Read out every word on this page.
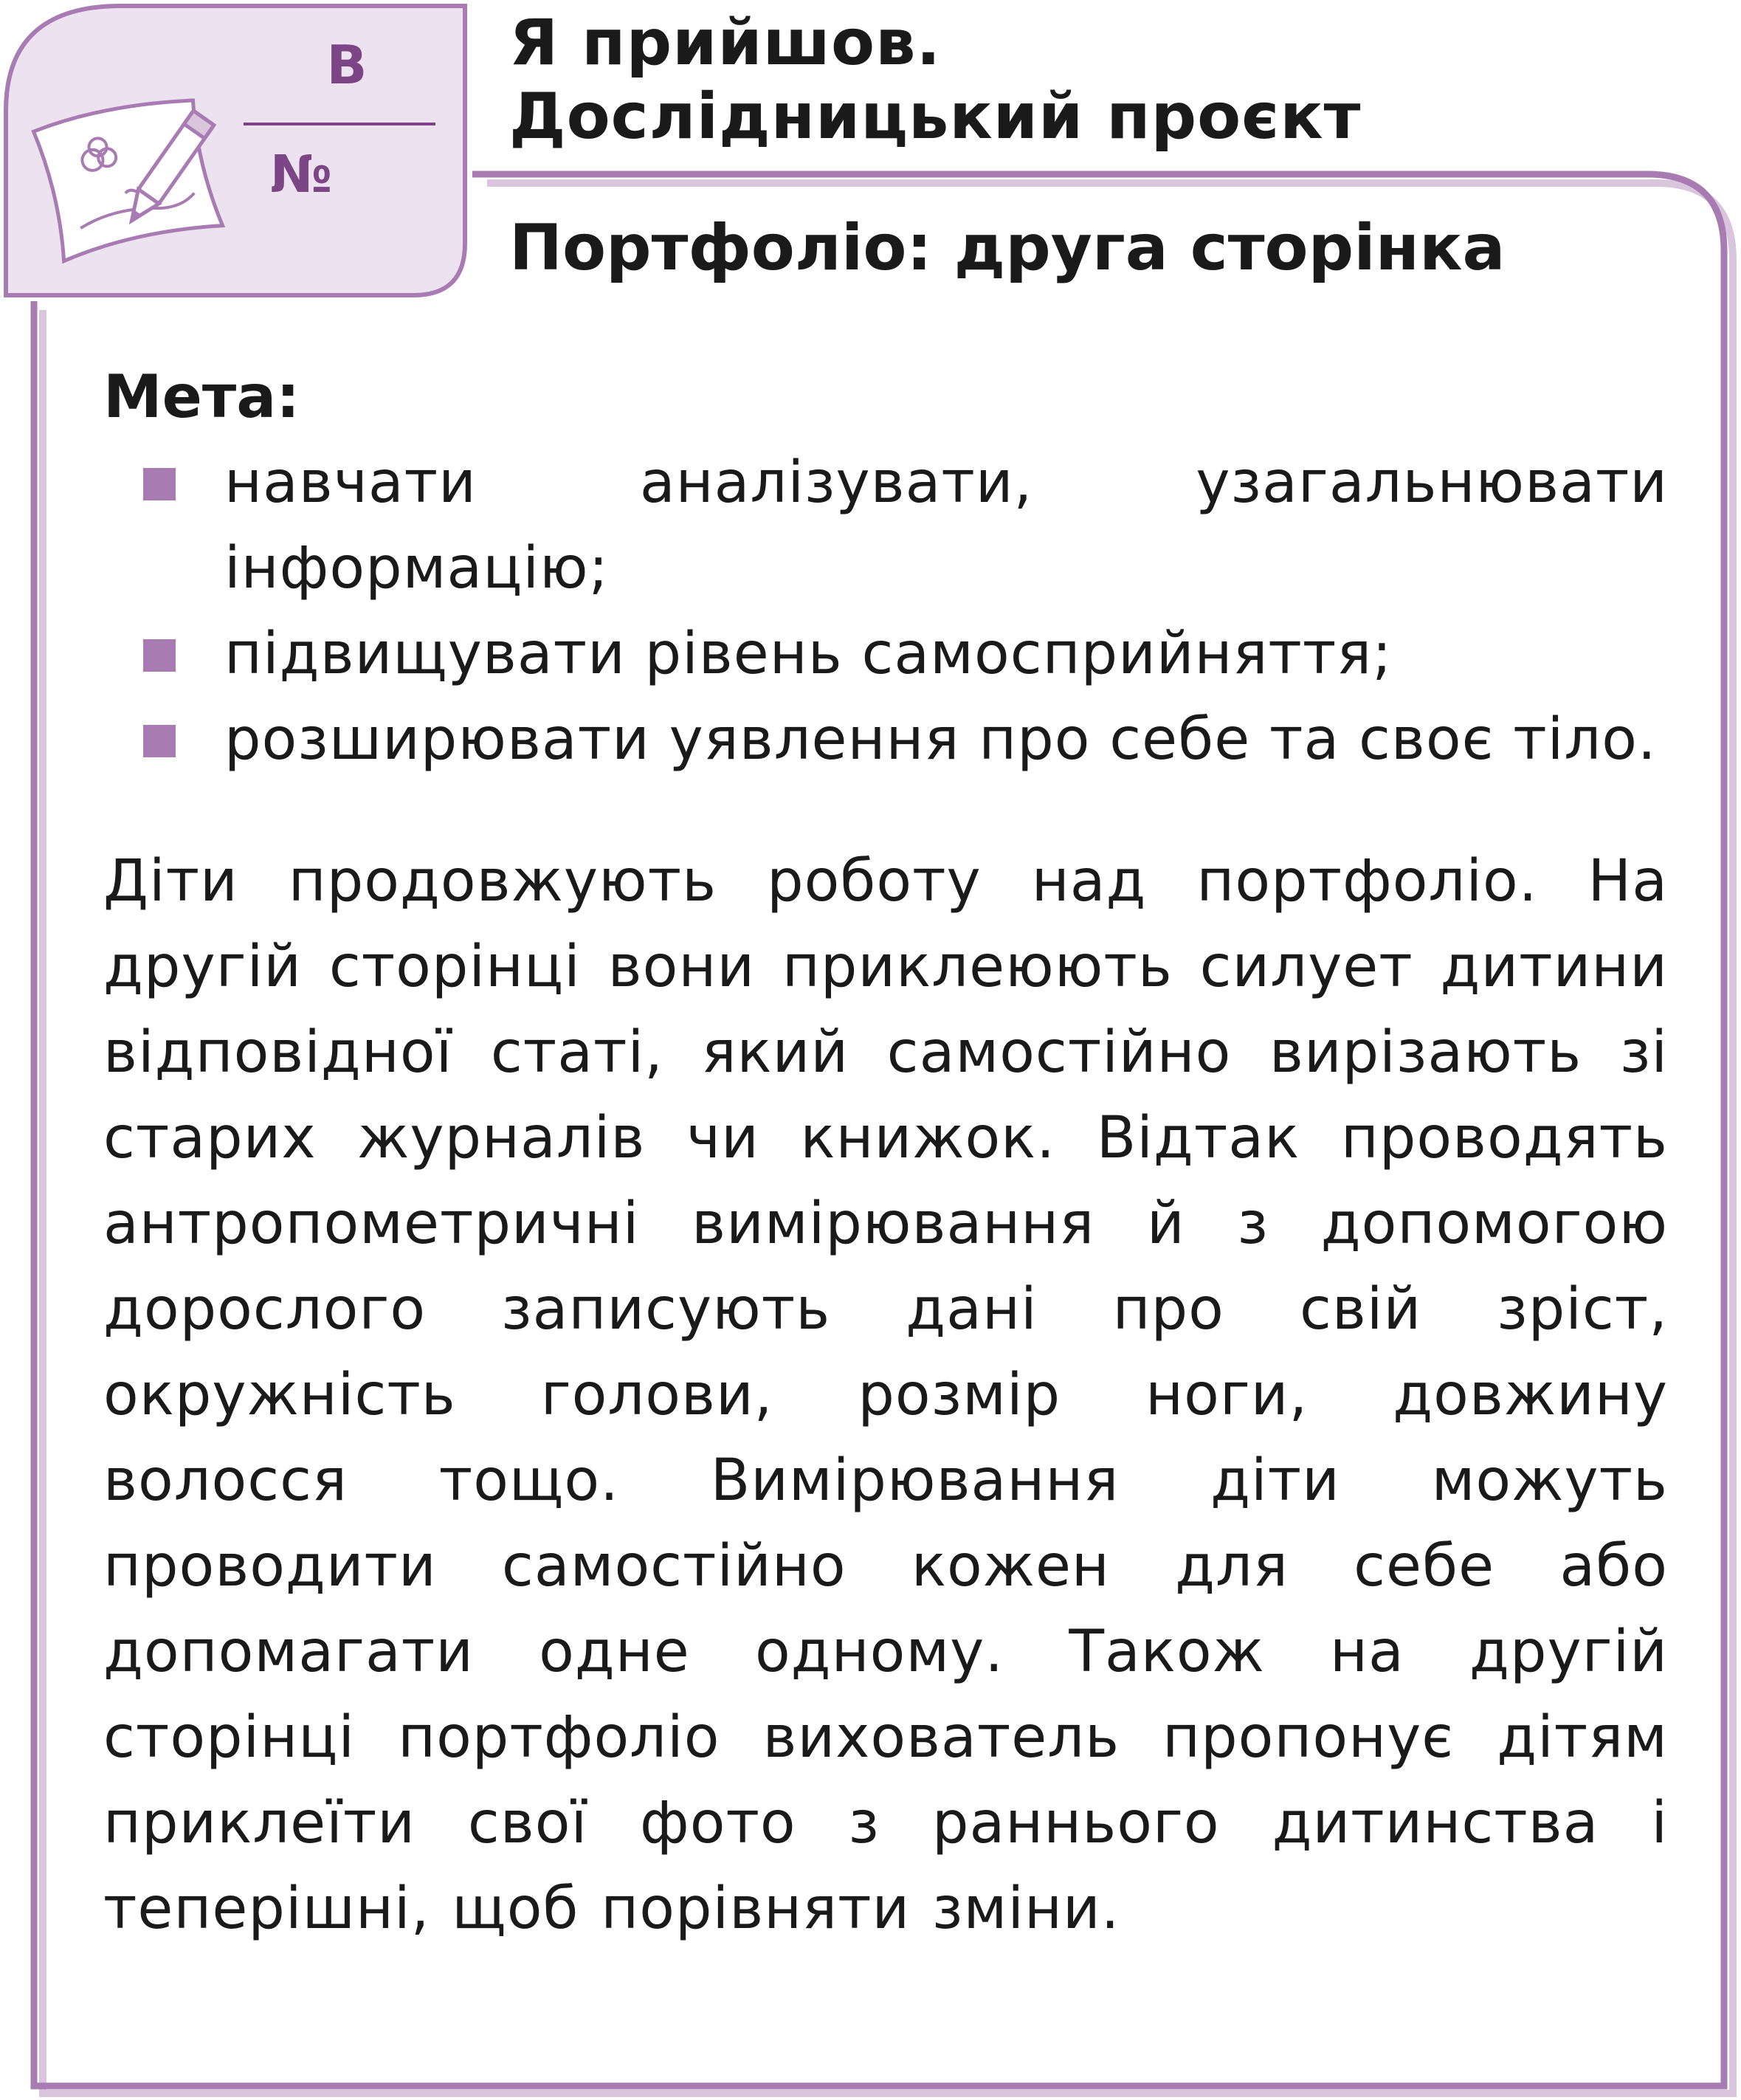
В
№
Я прийшов.
Дослідницький проєкт
Портфоліо: друга сторінка

Мета:

навчати аналізувати, узагальнювати інформацію;
підвищувати рівень самосприйняття;
розширювати уявлення про себе та своє тіло.

Діти продовжують роботу над портфоліо. На другій сторінці вони приклеюють силует дитини відповідної статі, який самостійно вирізають зі старих журналів чи книжок. Відтак проводять антропометричні вимірювання й з допомогою дорослого записують дані про свій зріст, окружність голови, розмір ноги, довжину волосся тощо. Вимірювання діти можуть проводити самостійно кожен для себе або допомагати одне одному. Також на другій сторінці портфоліо вихователь пропонує дітям приклеїти свої фото з раннього дитинства і теперішні, щоб порівняти зміни.
